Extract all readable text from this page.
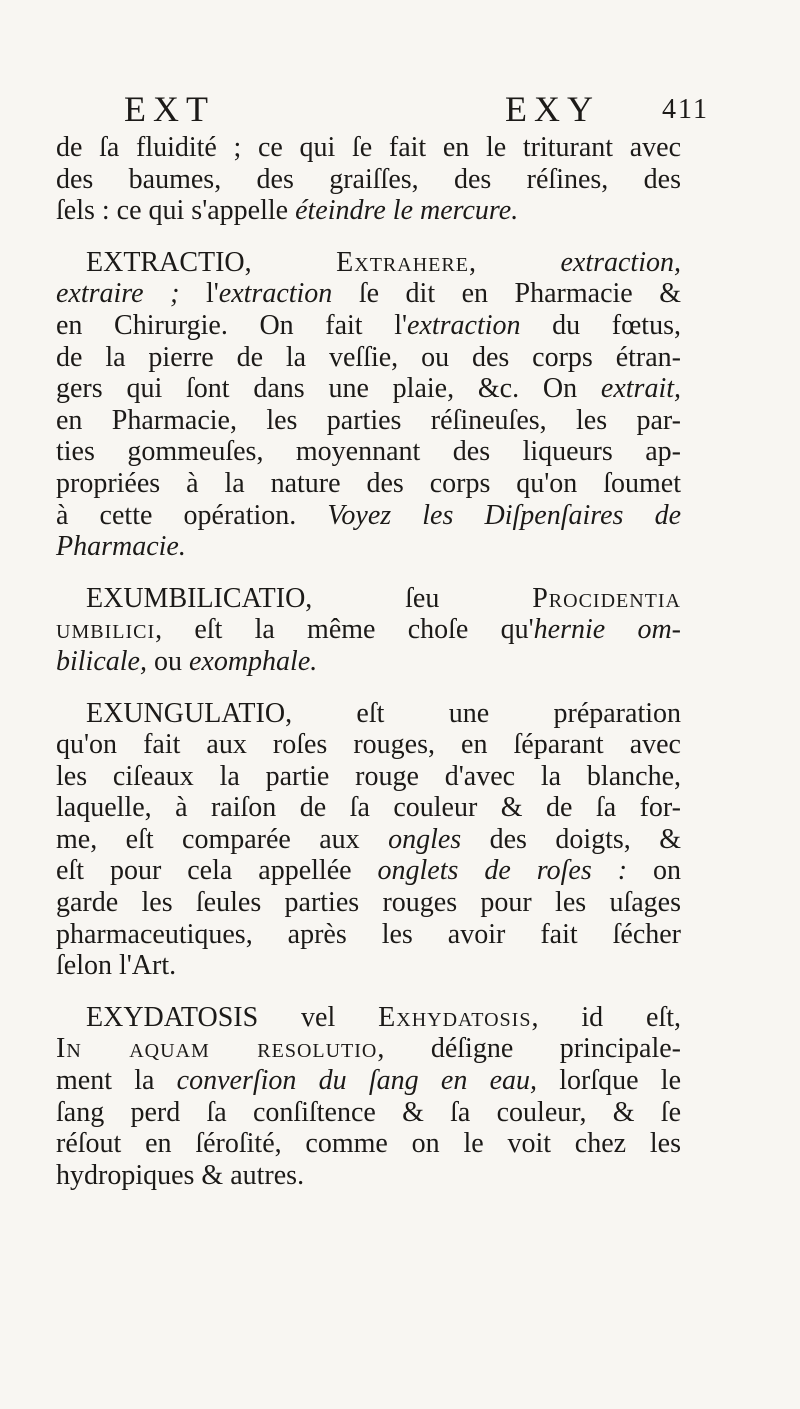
EXT	EXY 411
de ſa fluidité ; ce qui ſe fait en le triturant avec
des baumes, des graiſſes, des réſines, des
ſels : ce qui s'appelle éteindre le mercure.
EXTRACTIO, Extrahere, extraction,
extraire ; l'extraction ſe dit en Pharmacie &
en Chirurgie. On fait l'extraction du fœtus,
de la pierre de la veſſie, ou des corps étran-
gers qui ſont dans une plaie, &c. On extrait,
en Pharmacie, les parties réſineuſes, les par-
ties gommeuſes, moyennant des liqueurs ap-
propriées à la nature des corps qu'on ſoumet
à cette opération. Voyez les Diſpenſaires de
Pharmacie.
EXUMBILICATIO, ſeu Procidentia
umbilici, eſt la même choſe qu'hernie om-
bilicale, ou exomphale.
EXUNGULATIO, eſt une préparation
qu'on fait aux roſes rouges, en ſéparant avec
les ciſeaux la partie rouge d'avec la blanche,
laquelle, à raiſon de ſa couleur & de ſa for-
me, eſt comparée aux ongles des doigts, &
eſt pour cela appellée onglets de roſes : on
garde les ſeules parties rouges pour les uſages
pharmaceutiques, après les avoir fait ſécher
ſelon l'Art.
EXYDATOSIS vel Exhydatosis, id eſt,
In aquam resolutio, déſigne principale-
ment la converſion du ſang en eau, lorſque le
ſang perd ſa conſiſtence & ſa couleur, & ſe
réſout en ſéroſité, comme on le voit chez les
hydropiques & autres.
